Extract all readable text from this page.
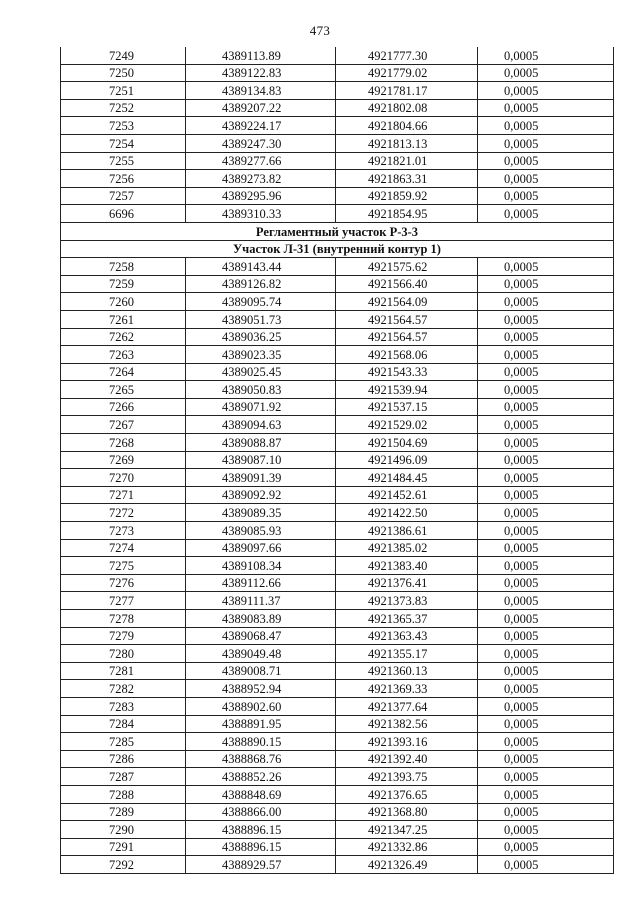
473
7249	4389113.89	4921777.30	0,0005
7250	4389122.83	4921779.02	0,0005
7251	4389134.83	4921781.17	0,0005
7252	4389207.22	4921802.08	0,0005
7253	4389224.17	4921804.66	0,0005
7254	4389247.30	4921813.13	0,0005
7255	4389277.66	4921821.01	0,0005
7256	4389273.82	4921863.31	0,0005
7257	4389295.96	4921859.92	0,0005
6696	4389310.33	4921854.95	0,0005
Регламентный участок Р-3-3			
Участок Л-31 (внутренний контур 1)			
7258	4389143.44	4921575.62	0,0005
7259	4389126.82	4921566.40	0,0005
7260	4389095.74	4921564.09	0,0005
7261	4389051.73	4921564.57	0,0005
7262	4389036.25	4921564.57	0,0005
7263	4389023.35	4921568.06	0,0005
7264	4389025.45	4921543.33	0,0005
7265	4389050.83	4921539.94	0,0005
7266	4389071.92	4921537.15	0,0005
7267	4389094.63	4921529.02	0,0005
7268	4389088.87	4921504.69	0,0005
7269	4389087.10	4921496.09	0,0005
7270	4389091.39	4921484.45	0,0005
7271	4389092.92	4921452.61	0,0005
7272	4389089.35	4921422.50	0,0005
7273	4389085.93	4921386.61	0,0005
7274	4389097.66	4921385.02	0,0005
7275	4389108.34	4921383.40	0,0005
7276	4389112.66	4921376.41	0,0005
7277	4389111.37	4921373.83	0,0005
7278	4389083.89	4921365.37	0,0005
7279	4389068.47	4921363.43	0,0005
7280	4389049.48	4921355.17	0,0005
7281	4389008.71	4921360.13	0,0005
7282	4388952.94	4921369.33	0,0005
7283	4388902.60	4921377.64	0,0005
7284	4388891.95	4921382.56	0,0005
7285	4388890.15	4921393.16	0,0005
7286	4388868.76	4921392.40	0,0005
7287	4388852.26	4921393.75	0,0005
7288	4388848.69	4921376.65	0,0005
7289	4388866.00	4921368.80	0,0005
7290	4388896.15	4921347.25	0,0005
7291	4388896.15	4921332.86	0,0005
7292	4388929.57	4921326.49	0,0005
